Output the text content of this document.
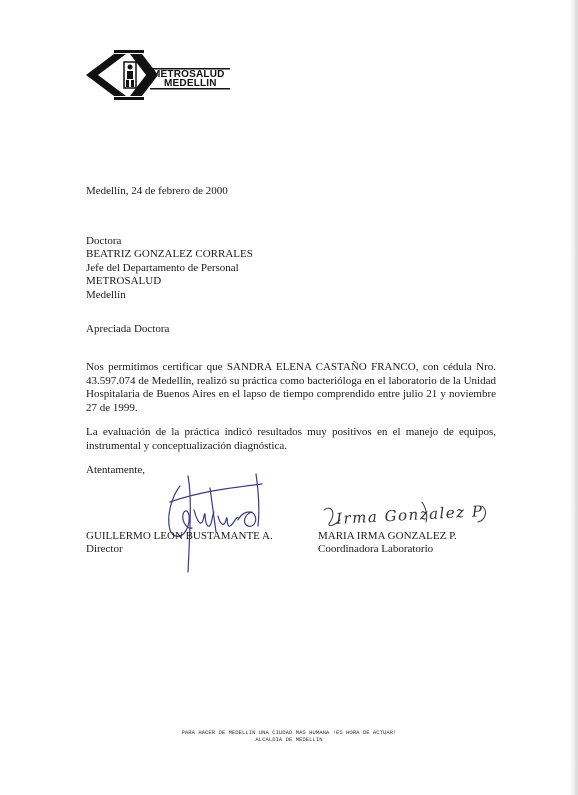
METROSALUD
MEDELLIN
Medellín, 24 de febrero de 2000
Doctora
BEATRIZ GONZALEZ CORRALES
Jefe del Departamento de Personal
METROSALUD
Medellín
Apreciada Doctora
Nos permitimos certificar que SANDRA ELENA CASTAÑO FRANCO, con cédula Nro.
43.597.074 de Medellín, realizó su práctica como bacterióloga en el laboratorio de la Unidad
Hospitalaria de Buenos Aires en el lapso de tiempo comprendido entre julio 21 y noviembre
27 de 1999.
La evaluación de la práctica indicó resultados muy positivos en el manejo de equipos,
instrumental y conceptualización diagnóstica.
Atentamente,
Irma Gonzalez P
GUILLERMO LEON BUSTAMANTE A.
Director
MARIA IRMA GONZALEZ P.
Coordinadora Laboratorio
PARA HACER DE MEDELLIN UNA CIUDAD MAS HUMANA !ES HORA DE ACTUAR!
ALCALDIA DE MEDELLIN
